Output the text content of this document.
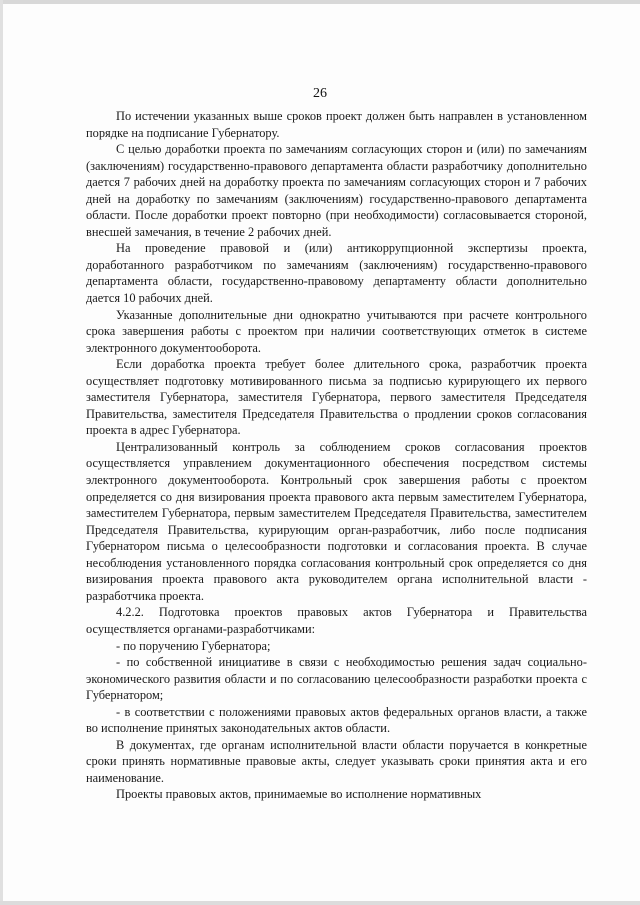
26

По истечении указанных выше сроков проект должен быть направлен в установленном порядке на подписание Губернатору.

С целью доработки проекта по замечаниям согласующих сторон и (или) по замечаниям (заключениям) государственно-правового департамента области разработчику дополнительно дается 7 рабочих дней на доработку проекта по замечаниям согласующих сторон и 7 рабочих дней на доработку по замечаниям (заключениям) государственно-правового департамента области. После доработки проект повторно (при необходимости) согласовывается стороной, внесшей замечания, в течение 2 рабочих дней.

На проведение правовой и (или) антикоррупционной экспертизы проекта, доработанного разработчиком по замечаниям (заключениям) государственно-правового департамента области, государственно-правовому департаменту области дополнительно дается 10 рабочих дней.

Указанные дополнительные дни однократно учитываются при расчете контрольного срока завершения работы с проектом при наличии соответствующих отметок в системе электронного документооборота.

Если доработка проекта требует более длительного срока, разработчик проекта осуществляет подготовку мотивированного письма за подписью курирующего их первого заместителя Губернатора, заместителя Губернатора, первого заместителя Председателя Правительства, заместителя Председателя Правительства о продлении сроков согласования проекта в адрес Губернатора.

Централизованный контроль за соблюдением сроков согласования проектов осуществляется управлением документационного обеспечения посредством системы электронного документооборота. Контрольный срок завершения работы с проектом определяется со дня визирования проекта правового акта первым заместителем Губернатора, заместителем Губернатора, первым заместителем Председателя Правительства, заместителем Председателя Правительства, курирующим орган-разработчик, либо после подписания Губернатором письма о целесообразности подготовки и согласования проекта. В случае несоблюдения установленного порядка согласования контрольный срок определяется со дня визирования проекта правового акта руководителем органа исполнительной власти - разработчика проекта.

4.2.2. Подготовка проектов правовых актов Губернатора и Правительства осуществляется органами-разработчиками:

- по поручению Губернатора;

- по собственной инициативе в связи с необходимостью решения задач социально-экономического развития области и по согласованию целесообразности разработки проекта с Губернатором;

- в соответствии с положениями правовых актов федеральных органов власти, а также во исполнение принятых законодательных актов области.

В документах, где органам исполнительной власти области поручается в конкретные сроки принять нормативные правовые акты, следует указывать сроки принятия акта и его наименование.

Проекты правовых актов, принимаемые во исполнение нормативных
